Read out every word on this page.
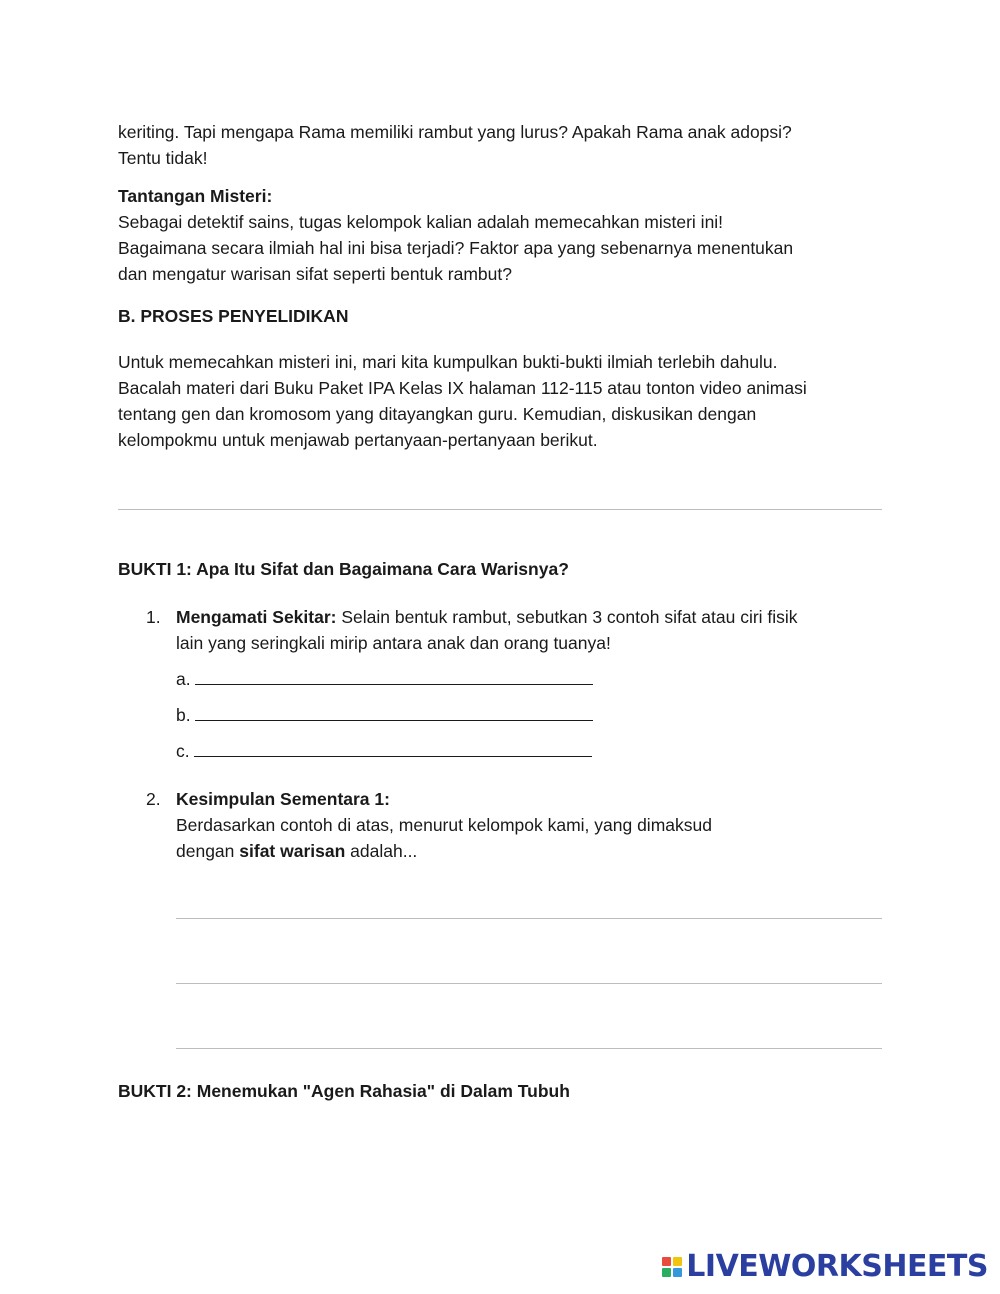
keriting. Tapi mengapa Rama memiliki rambut yang lurus? Apakah Rama anak adopsi?

Tentu tidak!

Tantangan Misteri:

Sebagai detektif sains, tugas kelompok kalian adalah memecahkan misteri ini!

Bagaimana secara ilmiah hal ini bisa terjadi? Faktor apa yang sebenarnya menentukan

dan mengatur warisan sifat seperti bentuk rambut?

B. PROSES PENYELIDIKAN

Untuk memecahkan misteri ini, mari kita kumpulkan bukti-bukti ilmiah terlebih dahulu.

Bacalah materi dari Buku Paket IPA Kelas IX halaman 112-115 atau tonton video animasi

tentang gen dan kromosom yang ditayangkan guru. Kemudian, diskusikan dengan

kelompokmu untuk menjawab pertanyaan-pertanyaan berikut.

BUKTI 1: Apa Itu Sifat dan Bagaimana Cara Warisnya?

1. Mengamati Sekitar: Selain bentuk rambut, sebutkan 3 contoh sifat atau ciri fisik

lain yang seringkali mirip antara anak dan orang tuanya!

a.
b.
c.
2. Kesimpulan Sementara 1:

Berdasarkan contoh di atas, menurut kelompok kami, yang dimaksud

dengan sifat warisan adalah...

BUKTI 2: Menemukan "Agen Rahasia" di Dalam Tubuh

LIVEWORKSHEETS
